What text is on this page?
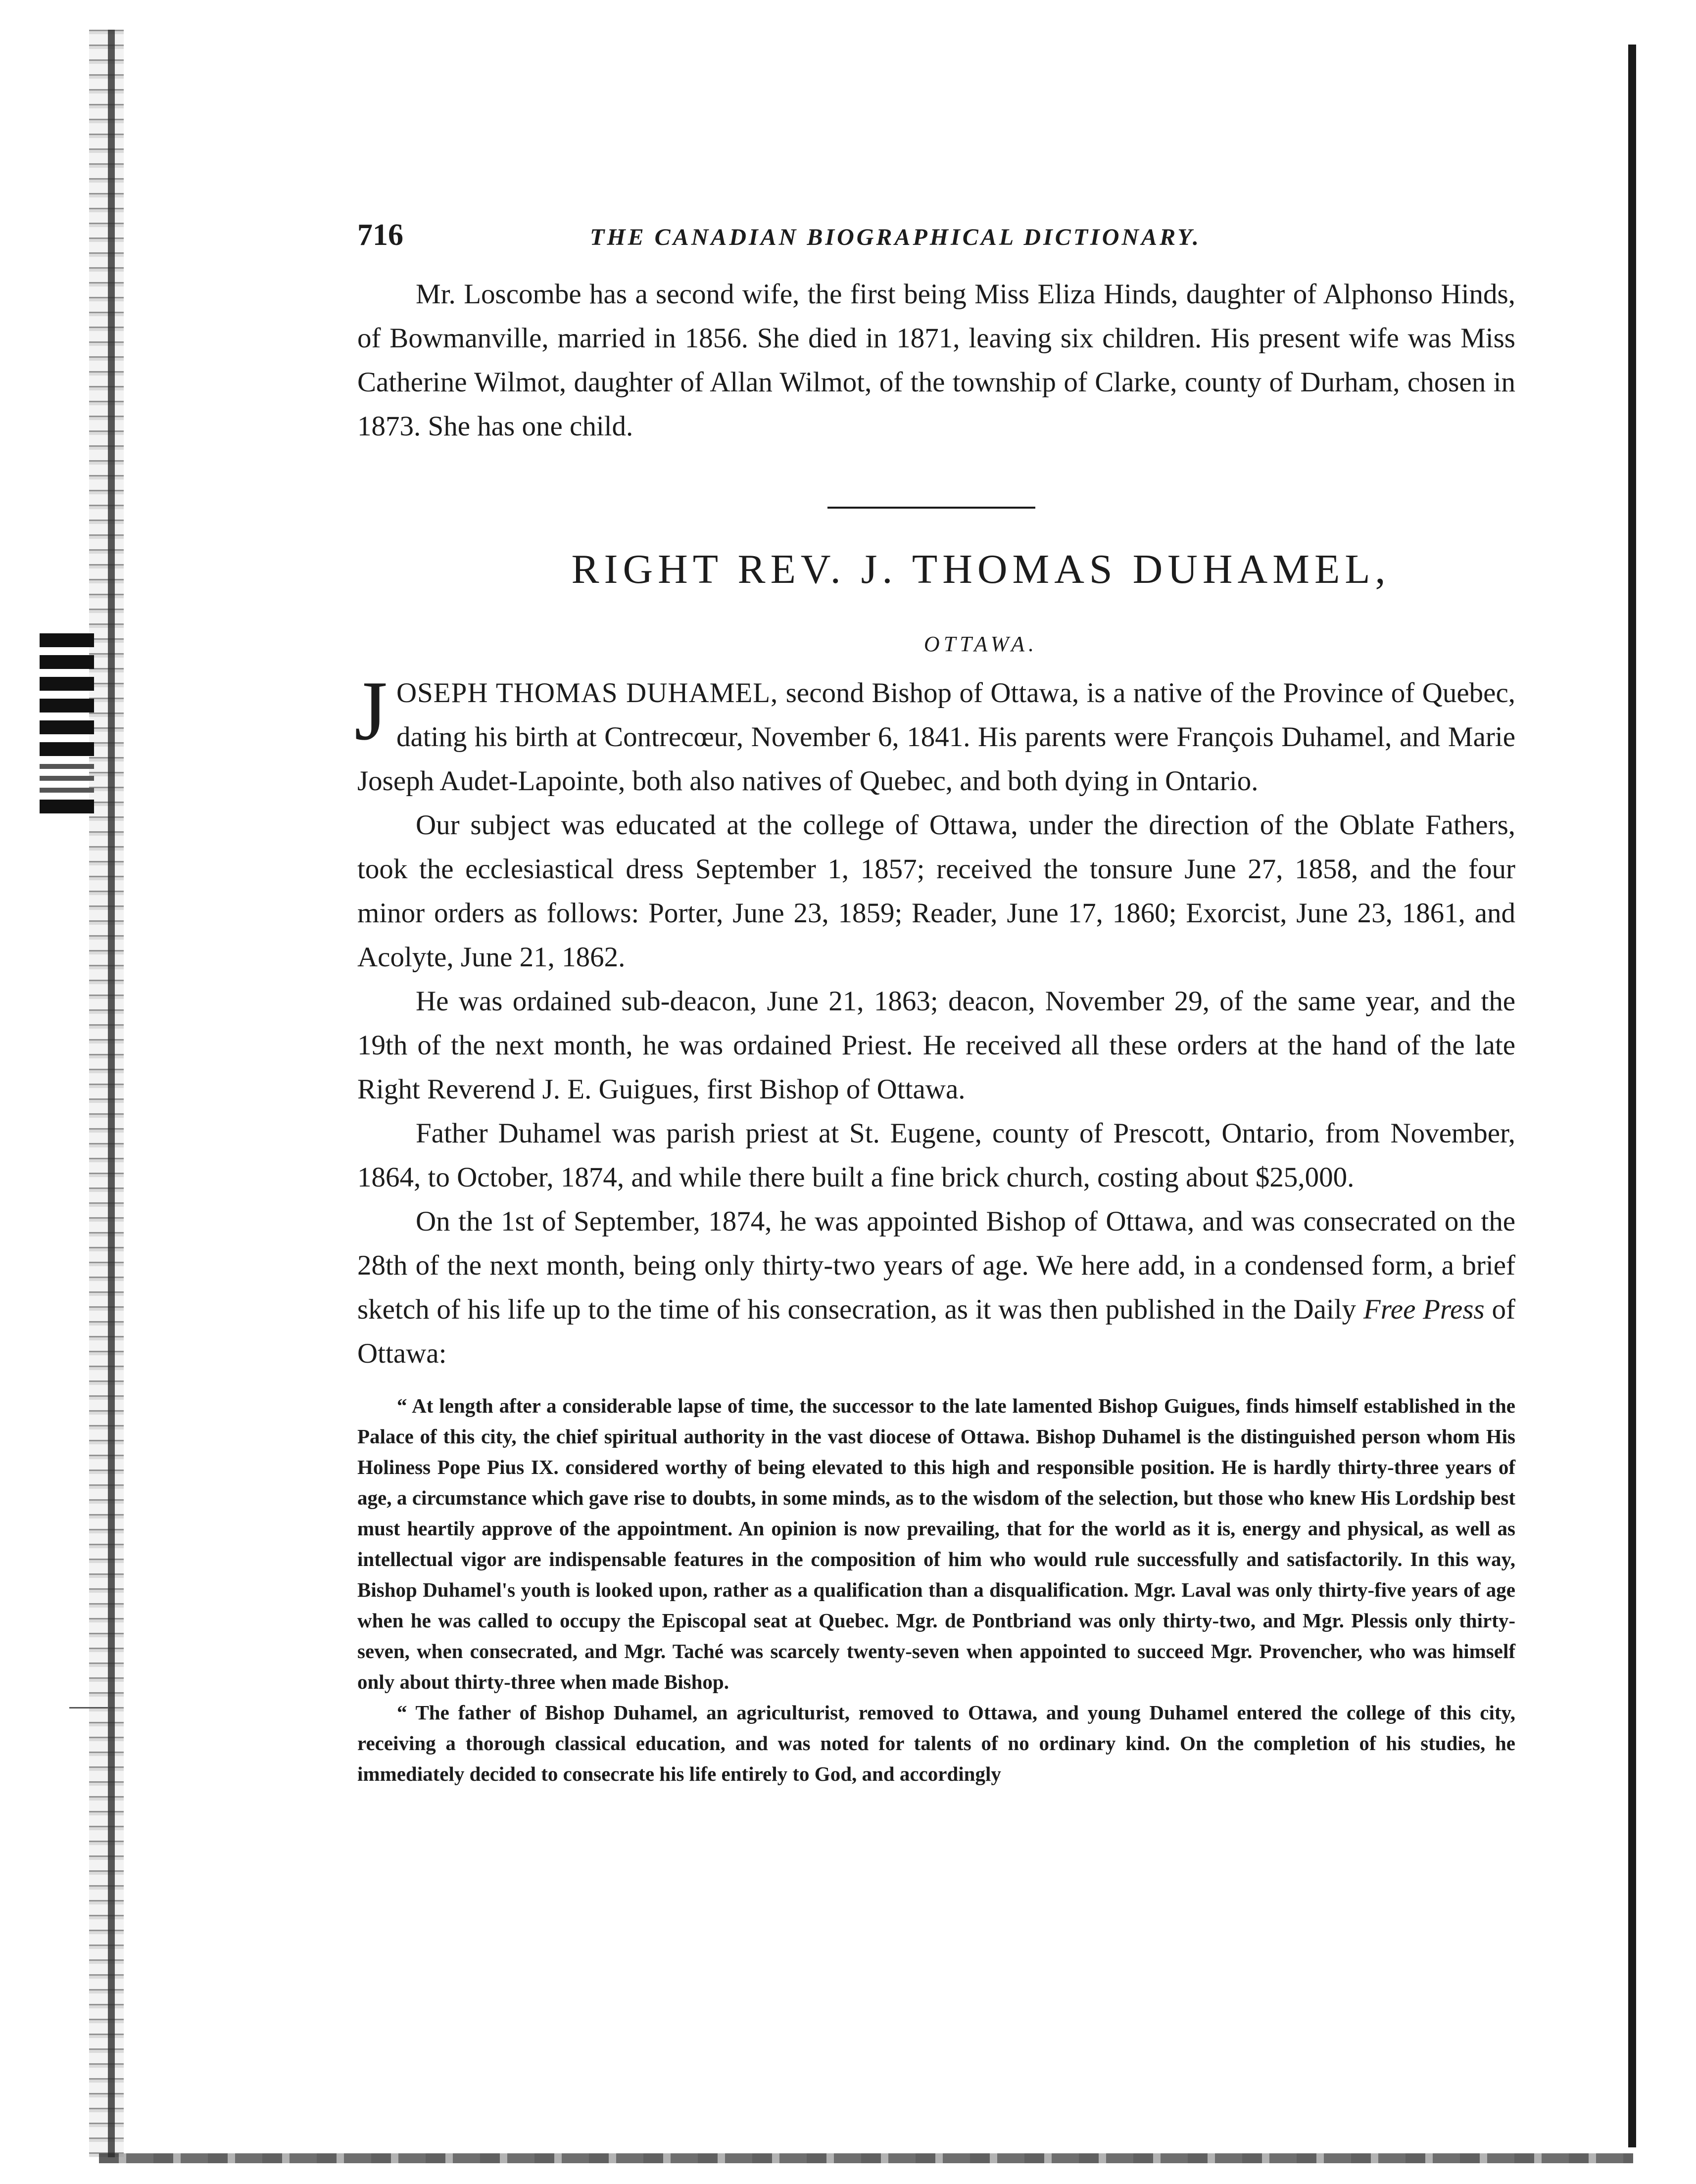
716	THE CANADIAN BIOGRAPHICAL DICTIONARY.

Mr. Loscombe has a second wife, the first being Miss Eliza Hinds, daughter of Alphonso Hinds, of Bowmanville, married in 1856. She died in 1871, leaving six children. His present wife was Miss Catherine Wilmot, daughter of Allan Wilmot, of the township of Clarke, county of Durham, chosen in 1873. She has one child.

RIGHT REV. J. THOMAS DUHAMEL,
OTTAWA.

JOSEPH THOMAS DUHAMEL, second Bishop of Ottawa, is a native of the Province of Quebec, dating his birth at Contrecœur, November 6, 1841. His parents were François Duhamel, and Marie Joseph Audet-Lapointe, both also natives of Quebec, and both dying in Ontario.

Our subject was educated at the college of Ottawa, under the direction of the Oblate Fathers, took the ecclesiastical dress September 1, 1857; received the tonsure June 27, 1858, and the four minor orders as follows: Porter, June 23, 1859; Reader, June 17, 1860; Exorcist, June 23, 1861, and Acolyte, June 21, 1862.

He was ordained sub-deacon, June 21, 1863; deacon, November 29, of the same year, and the 19th of the next month, he was ordained Priest. He received all these orders at the hand of the late Right Reverend J. E. Guigues, first Bishop of Ottawa.

Father Duhamel was parish priest at St. Eugene, county of Prescott, Ontario, from November, 1864, to October, 1874, and while there built a fine brick church, costing about $25,000.

On the 1st of September, 1874, he was appointed Bishop of Ottawa, and was consecrated on the 28th of the next month, being only thirty-two years of age. We here add, in a condensed form, a brief sketch of his life up to the time of his consecration, as it was then published in the Daily Free Press of Ottawa:

“ At length after a considerable lapse of time, the successor to the late lamented Bishop Guigues, finds himself established in the Palace of this city, the chief spiritual authority in the vast diocese of Ottawa. Bishop Duhamel is the distinguished person whom His Holiness Pope Pius IX. considered worthy of being elevated to this high and responsible position. He is hardly thirty-three years of age, a circumstance which gave rise to doubts, in some minds, as to the wisdom of the selection, but those who knew His Lordship best must heartily approve of the appointment. An opinion is now prevailing, that for the world as it is, energy and physical, as well as intellectual vigor are indispensable features in the composition of him who would rule successfully and satisfactorily. In this way, Bishop Duhamel's youth is looked upon, rather as a qualification than a disqualification. Mgr. Laval was only thirty-five years of age when he was called to occupy the Episcopal seat at Quebec. Mgr. de Pontbriand was only thirty-two, and Mgr. Plessis only thirty-seven, when consecrated, and Mgr. Taché was scarcely twenty-seven when appointed to succeed Mgr. Provencher, who was himself only about thirty-three when made Bishop.

“ The father of Bishop Duhamel, an agriculturist, removed to Ottawa, and young Duhamel entered the college of this city, receiving a thorough classical education, and was noted for talents of no ordinary kind. On the completion of his studies, he immediately decided to consecrate his life entirely to God, and accordingly
